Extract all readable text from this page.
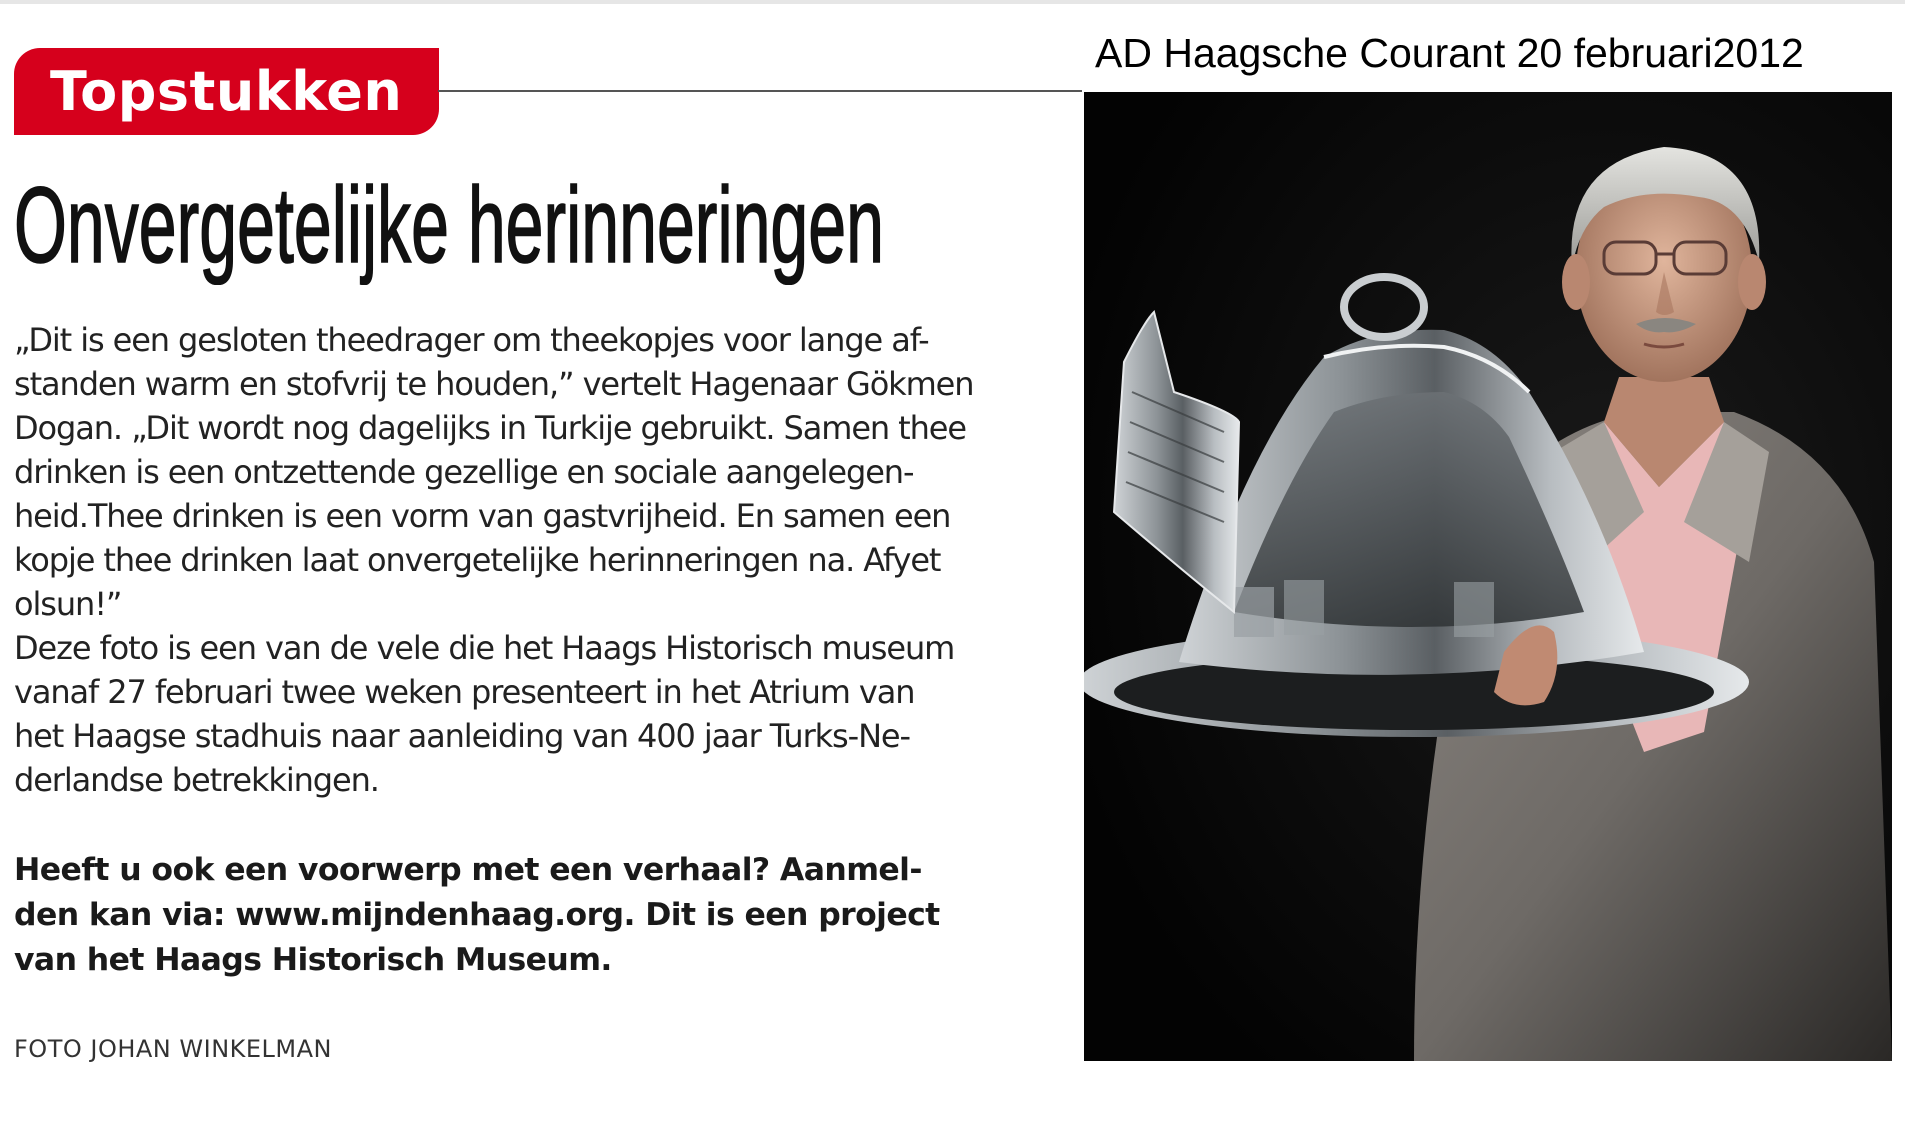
AD Haagsche Courant 20 februari2012
Topstukken
Onvergetelijke herinneringen
„Dit is een gesloten theedrager om theekopjes voor lange af-
standen warm en stofvrij te houden,” vertelt Hagenaar Gökmen
Dogan. „Dit wordt nog dagelijks in Turkije gebruikt. Samen thee
drinken is een ontzettende gezellige en sociale aangelegen-
heid.Thee drinken is een vorm van gastvrijheid. En samen een
kopje thee drinken laat onvergetelijke herinneringen na. Afyet
olsun!”
Deze foto is een van de vele die het Haags Historisch museum
vanaf 27 februari twee weken presenteert in het Atrium van
het Haagse stadhuis naar aanleiding van 400 jaar Turks-Ne-
derlandse betrekkingen.
Heeft u ook een voorwerp met een verhaal? Aanmel-
den kan via: www.mijndenhaag.org. Dit is een project
van het Haags Historisch Museum.
FOTO JOHAN WINKELMAN
